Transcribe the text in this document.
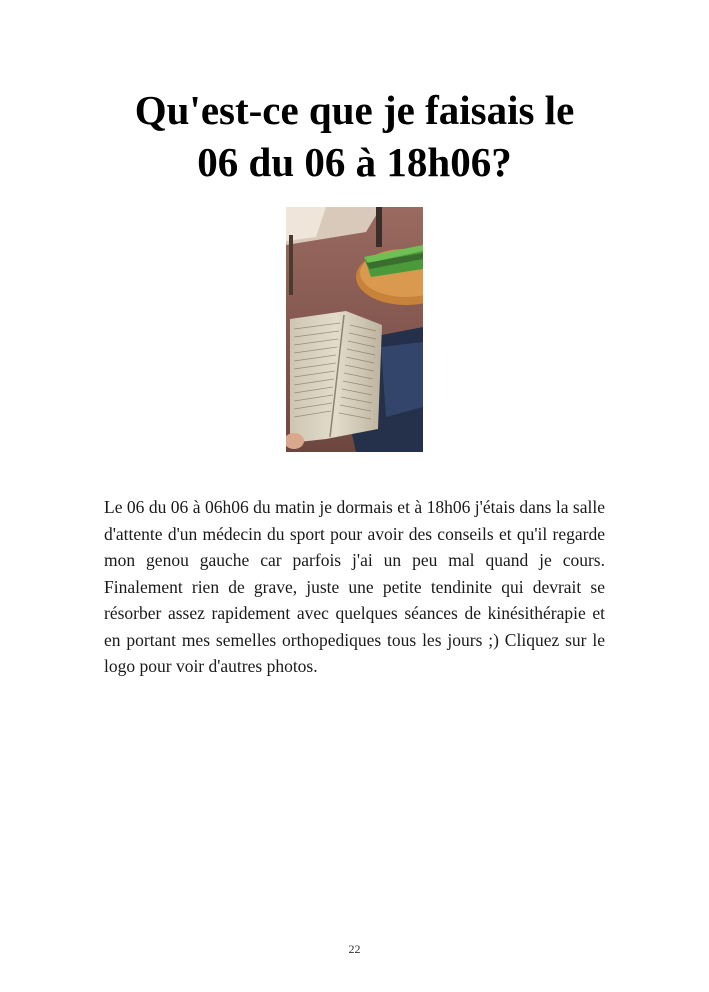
Qu'est-ce que je faisais le
06 du 06 à 18h06?

Le 06 du 06 à 06h06 du matin je dormais et à 18h06 j'étais dans la salle d'attente d'un médecin du sport pour avoir des conseils et qu'il regarde mon genou gauche car parfois j'ai un peu mal quand je cours. Finalement rien de grave, juste une petite tendinite qui devrait se résorber assez rapidement avec quelques séances de kinésithérapie et en portant mes semelles orthopediques tous les jours ;) Cliquez sur le logo pour voir d'autres photos.

22
